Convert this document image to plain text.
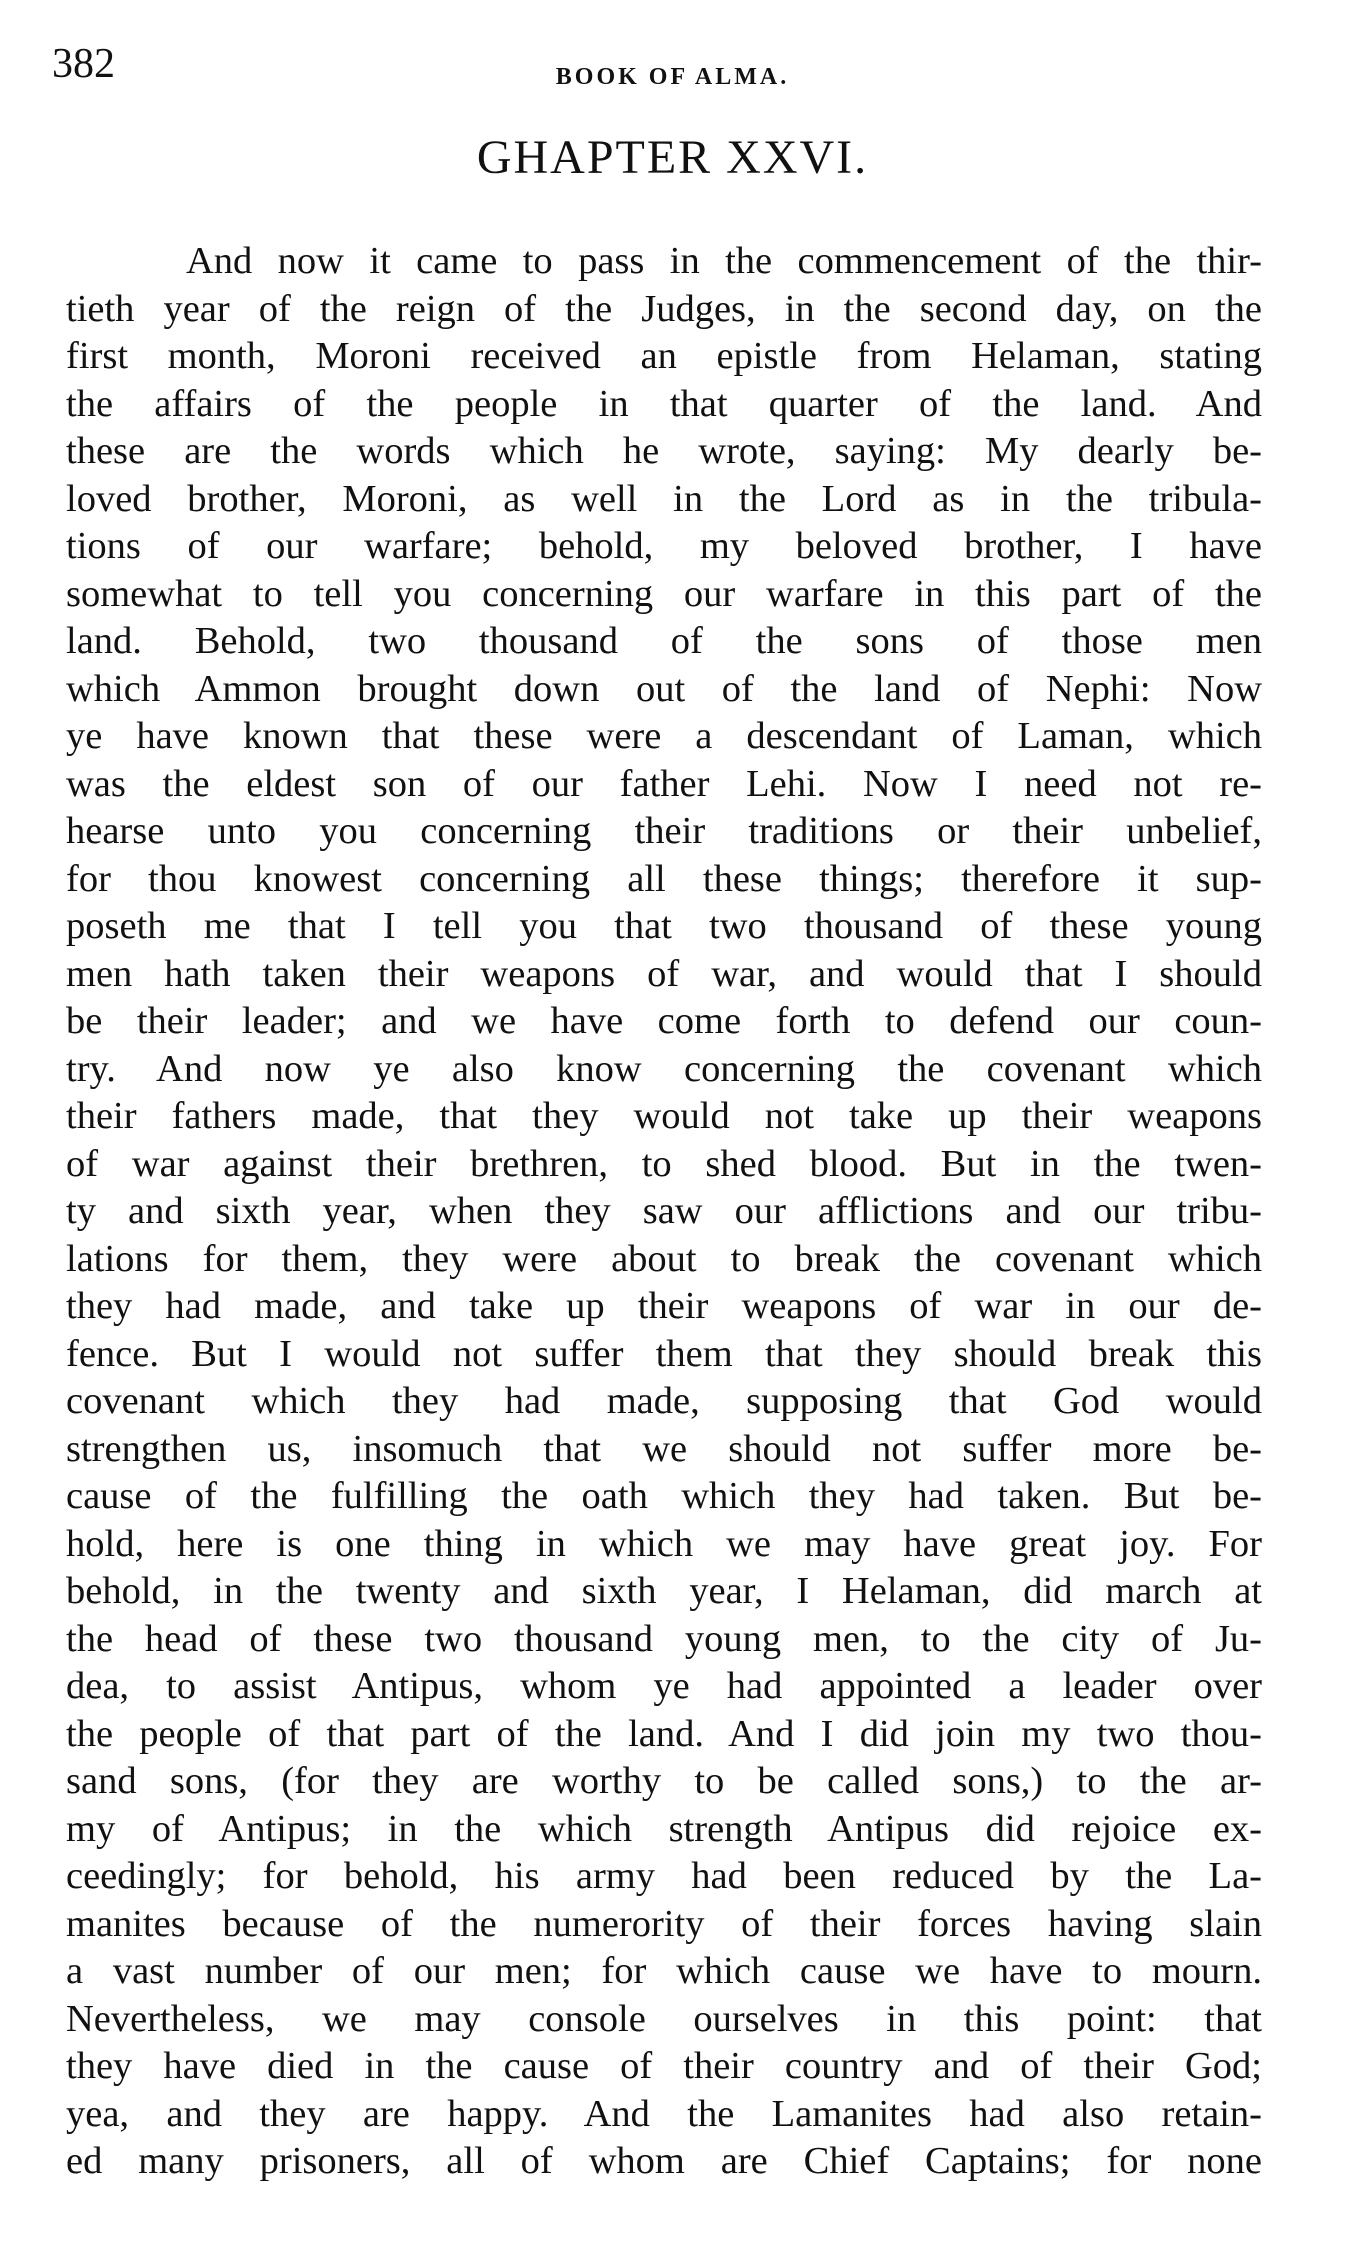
382	BOOK OF ALMA.
GHAPTER XXVI.
And now it came to pass in the commencement of the thir-
tieth year of the reign of the Judges, in the second day, on the
first month, Moroni received an epistle from Helaman, stating
the affairs of the people in that quarter of the land. And
these are the words which he wrote, saying: My dearly be-
loved brother, Moroni, as well in the Lord as in the tribula-
tions of our warfare; behold, my beloved brother, I have
somewhat to tell you concerning our warfare in this part of the
land. Behold, two thousand of the sons of those men
which Ammon brought down out of the land of Nephi: Now
ye have known that these were a descendant of Laman, which
was the eldest son of our father Lehi. Now I need not re-
hearse unto you concerning their traditions or their unbelief,
for thou knowest concerning all these things; therefore it sup-
poseth me that I tell you that two thousand of these young
men hath taken their weapons of war, and would that I should
be their leader; and we have come forth to defend our coun-
try. And now ye also know concerning the covenant which
their fathers made, that they would not take up their weapons
of war against their brethren, to shed blood. But in the twen-
ty and sixth year, when they saw our afflictions and our tribu-
lations for them, they were about to break the covenant which
they had made, and take up their weapons of war in our de-
fence. But I would not suffer them that they should break this
covenant which they had made, supposing that God would
strengthen us, insomuch that we should not suffer more be-
cause of the fulfilling the oath which they had taken. But be-
hold, here is one thing in which we may have great joy. For
behold, in the twenty and sixth year, I Helaman, did march at
the head of these two thousand young men, to the city of Ju-
dea, to assist Antipus, whom ye had appointed a leader over
the people of that part of the land. And I did join my two thou-
sand sons, (for they are worthy to be called sons,) to the ar-
my of Antipus; in the which strength Antipus did rejoice ex-
ceedingly; for behold, his army had been reduced by the La-
manites because of the numerority of their forces having slain
a vast number of our men; for which cause we have to mourn.
Nevertheless, we may console ourselves in this point: that
they have died in the cause of their country and of their God;
yea, and they are happy. And the Lamanites had also retain-
ed many prisoners, all of whom are Chief Captains; for none
